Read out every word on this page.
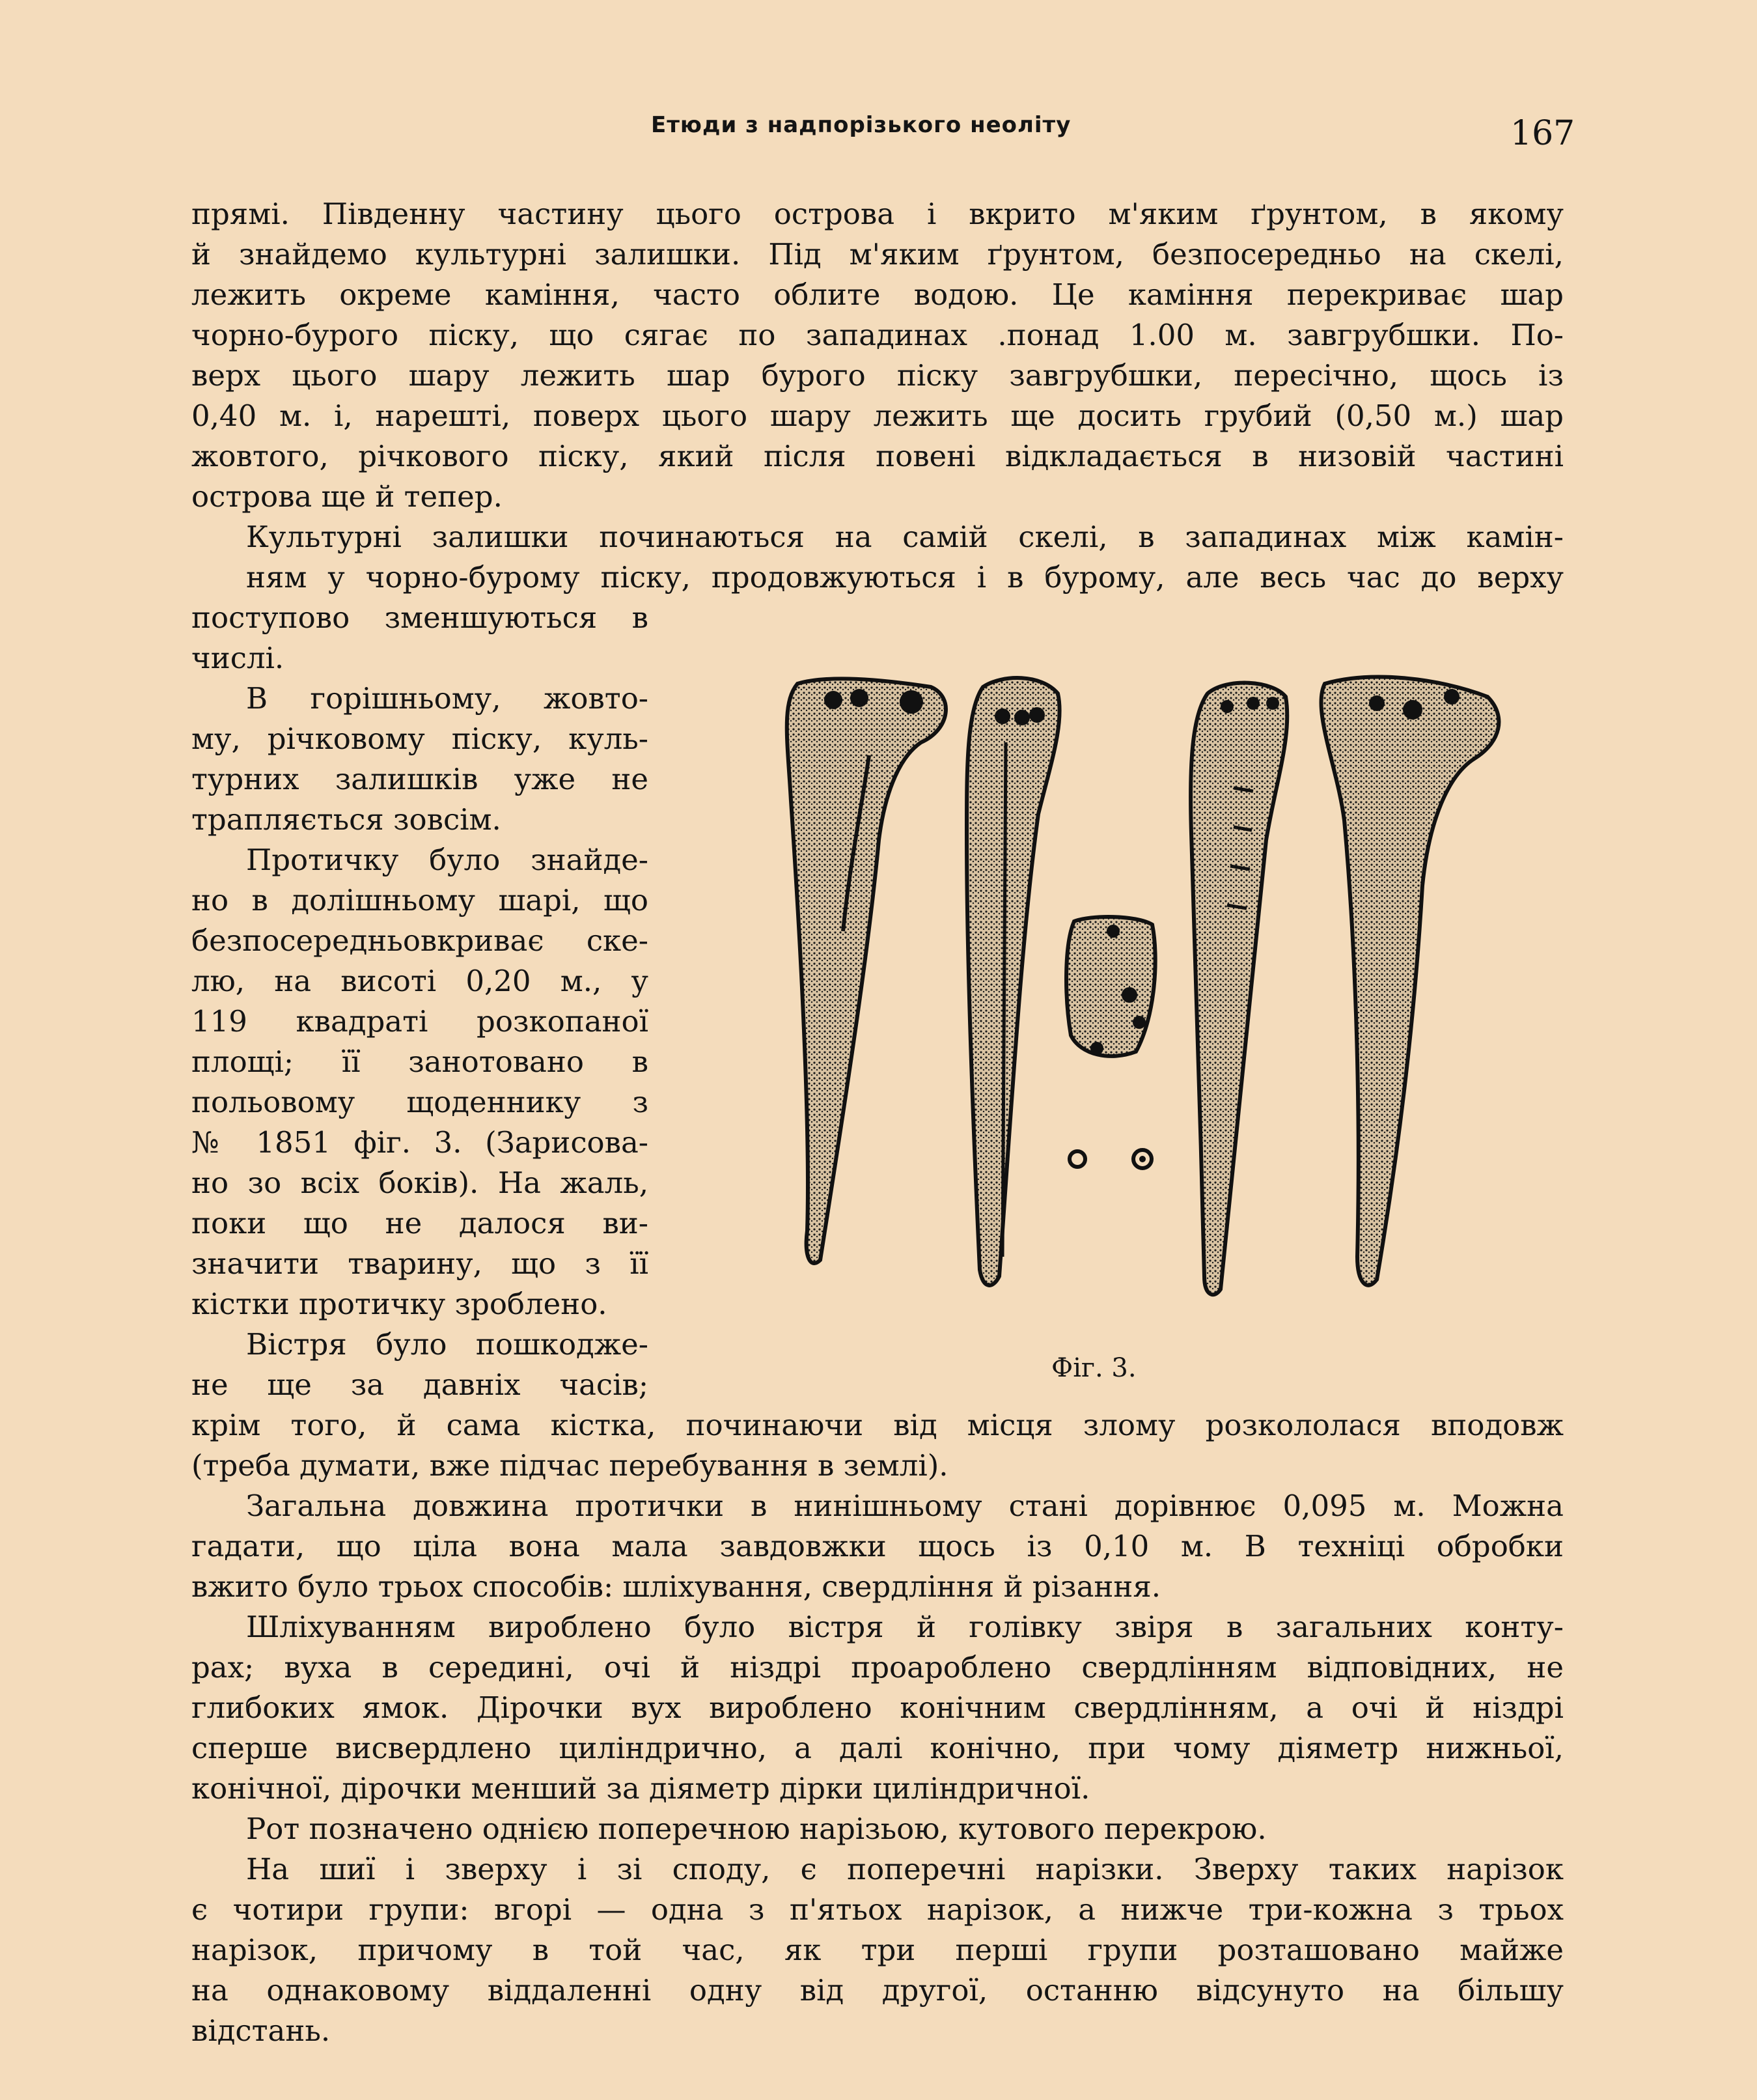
Етюди з надпорізького неоліту	167

прямі. Південну частину цього острова і вкрито м'яким ґрунтом, в якому
й знайдемо культурні залишки. Під м'яким ґрунтом, безпосередньо на скелі,
лежить окреме каміння, часто облите водою. Це каміння перекриває шар
чорно-бурого піску, що сягає по западинах .понад 1.00 м. завгрубшки. По-
верх цього шару лежить шар бурого піску завгрубшки, пересічно, щось із
0,40 м. і, нарешті, поверх цього шару лежить ще досить грубий (0,50 м.) шар
жовтого, річкового піску, який після повені відкладається в низовій частині
острова ще й тепер.

Культурні залишки починаються на самій скелі, в западинах між камін-
ням у чорно-бурому піску, продовжуються і в бурому, але весь час до верху

поступово зменшуються в
числі.

В горішньому, жовто-
му, річковому піску, куль-
турних залишків уже не
трапляється зовсім.

Протичку було знайде-
но в долішньому шарі, що
безпосередньовкриває ске-
лю, на висоті 0,20 м., у
119 квадраті розкопаної
площі; її занотовано в
польовому щоденнику з
№ 1851 фіг. 3. (Зарисова-
но зо всіх боків). На жаль,
поки що не далося ви-
значити тварину, що з її
кістки протичку зроблено.

Вістря було пошкодже-
не ще за давніх часів;

крім того, й сама кістка, починаючи від місця злому розкололася вподовж
(треба думати, вже підчас перебування в землі).

Загальна довжина протички в нинішньому стані дорівнює 0,095 м. Можна

гадати, що ціла вона мала завдовжки щось із 0,10 м. В техніці обробки
вжито було трьох способів: шліхування, свердління й різання.

Шліхуванням вироблено було вістря й голівку звіря в загальних конту-

рах; вуха в середині, очі й ніздрі проароблено свердлінням відповідних, не
глибоких ямок. Дірочки вух вироблено конічним свердлінням, а очі й ніздрі
сперше висвердлено циліндрично, а далі конічно, при чому діяметр нижньої,
конічної, дірочки менший за діяметр дірки циліндричної.

Рот позначено однією поперечною нарізьою, кутового перекрою.

На шиї і зверху і зі споду, є поперечні нарізки. Зверху таких нарізок

є чотири групи: вгорі — одна з п'ятьох нарізок, а нижче три-кожна з трьох
нарізок, причому в той час, як три перші групи розташовано майже
на однаковому віддаленні одну від другої, останню відсунуто на більшу
відстань.

Фіг. 3.
